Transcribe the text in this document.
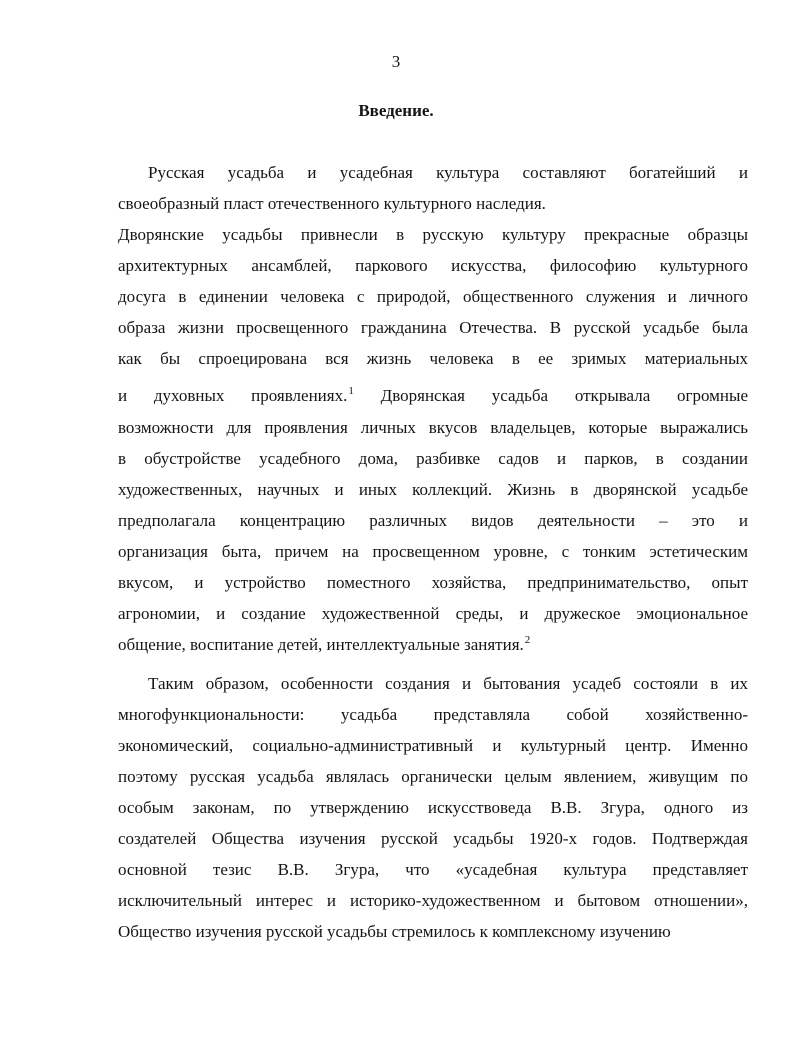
3
Введение.
Русская усадьба и усадебная культура составляют богатейший и
своеобразный пласт отечественного культурного наследия.
Дворянские усадьбы привнесли в русскую культуру прекрасные образцы
архитектурных ансамблей, паркового искусства, философию культурного
досуга в единении человека с природой, общественного служения и личного
образа жизни просвещенного гражданина Отечества. В русской усадьбе была
как бы спроецирована вся жизнь человека в ее зримых материальных
и духовных проявлениях.$^1$ Дворянская усадьба открывала огромные
возможности для проявления личных вкусов владельцев, которые выражались
в обустройстве усадебного дома, разбивке садов и парков, в создании
художественных, научных и иных коллекций. Жизнь в дворянской усадьбе
предполагала концентрацию различных видов деятельности – это и
организация быта, причем на просвещенном уровне, с тонким эстетическим
вкусом, и устройство поместного хозяйства, предпринимательство, опыт
агрономии, и создание художественной среды, и дружеское эмоциональное
общение, воспитание детей, интеллектуальные занятия.$^2$
Таким образом, особенности создания и бытования усадеб состояли в их
многофункциональности: усадьба представляла собой хозяйственно-
экономический, социально-административный и культурный центр. Именно
поэтому русская усадьба являлась органически целым явлением, живущим по
особым законам, по утверждению искусствоведа В.В. Згура, одного из
создателей Общества изучения русской усадьбы 1920-х годов. Подтверждая
основной тезис В.В. Згура, что «усадебная культура представляет
исключительный интерес и историко-художественном и бытовом отношении»,
Общество изучения русской усадьбы стремилось к комплексному изучению
